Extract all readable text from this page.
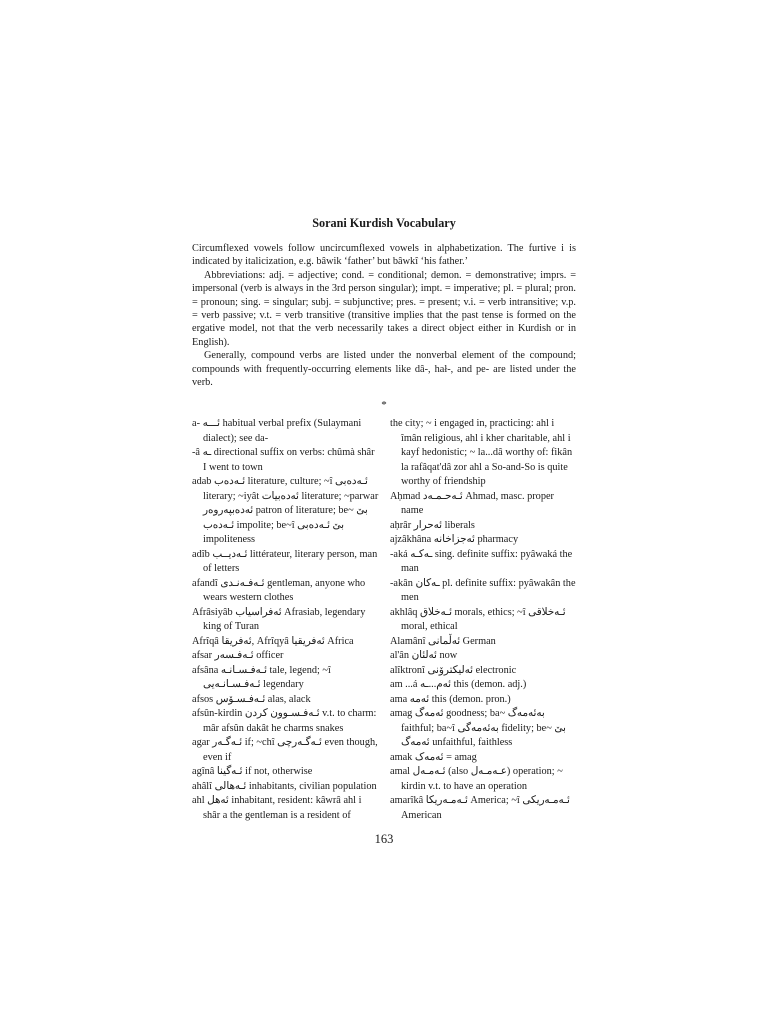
Sorani Kurdish Vocabulary

Circumflexed vowels follow uncircumflexed vowels in alphabetization. The furtive i is indicated by italicization, e.g. bâwik ‘father’ but bâwkî ‘his father.’

Abbreviations: adj. = adjective; cond. = conditional; demon. = demonstrative; imprs. = impersonal (verb is always in the 3rd person singular); impt. = imperative; pl. = plural; pron. = pronoun; sing. = singular; subj. = subjunctive; pres. = present; v.i. = verb intransitive; v.p. = verb passive; v.t. = verb transitive (transitive implies that the past tense is formed on the ergative model, not that the verb necessarily takes a direct object either in Kurdish or in English).

Generally, compound verbs are listed under the nonverbal element of the compound; compounds with frequently-occurring elements like dâ-, hał-, and pe- are listed under the verb.

*

a- ئـــە habitual verbal prefix (Sulaymani dialect); see da-

-â ـە directional suffix on verbs: chûmà shâr I went to town

adab ئـەدەب literature, culture; ~î ئـەدەبی literary; ~iyât ئەدەبیات literature; ~parwar ئەدەبپەروەر patron of literature; be~ بێ ئـەدەب impolite; be~î بێ ئـەدەبی impoliteness

adîb ئـەدیــب littérateur, literary person, man of letters

afandî ئـەفـەنـدی gentleman, anyone who wears western clothes

Afrâsiyâb ئەفراسیاب Afrasiab, legendary king of Turan

Afrîqâ ئەفریقا, Afrîqyâ ئەفریقیا Africa

afsar ئـەفـسەر officer

afsâna ئـەفـسـانـە tale, legend; ~î ئـەفـسـانـەیی legendary

afsos ئـەفـسـۆس alas, alack

afsûn-kirdin ئـەفـسـوون کردن v.t. to charm: mâr afsûn dakât he charms snakes

agar ئـەگـەر if; ~chî ئـەگـەرچی even though, even if

agînâ ئـەگینا if not, otherwise

ahâlî ئـەهالی inhabitants, civilian population

ahl ئەهل inhabitant, resident: kâwrâ ahl i shâr a the gentleman is a resident of

the city; ~ i engaged in, practicing: ahl i îmân religious, ahl i kher charitable, ahl i kayf hedonistic; ~ la...dâ worthy of: fikân la rafâqat'dâ zor ahl a So-and-So is quite worthy of friendship

Aḥmad ئـەحـمـەد Ahmad, masc. proper name

aḥrâr ئەحرار liberals

ajzâkhâna ئەجزاخانە pharmacy

-aká ـەکـە sing. definite suffix: pyâwaká the man

-akân ـەکان pl. definite suffix: pyâwakân the men

akhlâq ئـەخلاق morals, ethics; ~î ئـەخلاقی moral, ethical

Alamânî ئەڵمانی German

al'ân ئەلئان now

alîktronî ئەلیکترۆنی electronic

am ...á ئەم...ـە this (demon. adj.)

ama ئەمە this (demon. pron.)

amag ئەمەگ goodness; ba~ بەئەمەگ faithful; ba~î بەئەمەگی fidelity; be~ بێ ئەمەگ unfaithful, faithless

amak ئەمەک = amag

amal ئـەمـەل (also عـەمـەل) operation; ~ kirdin v.t. to have an operation

amarîkâ ئـەمـەریکا America; ~î ئـەمـەریکی American

163
